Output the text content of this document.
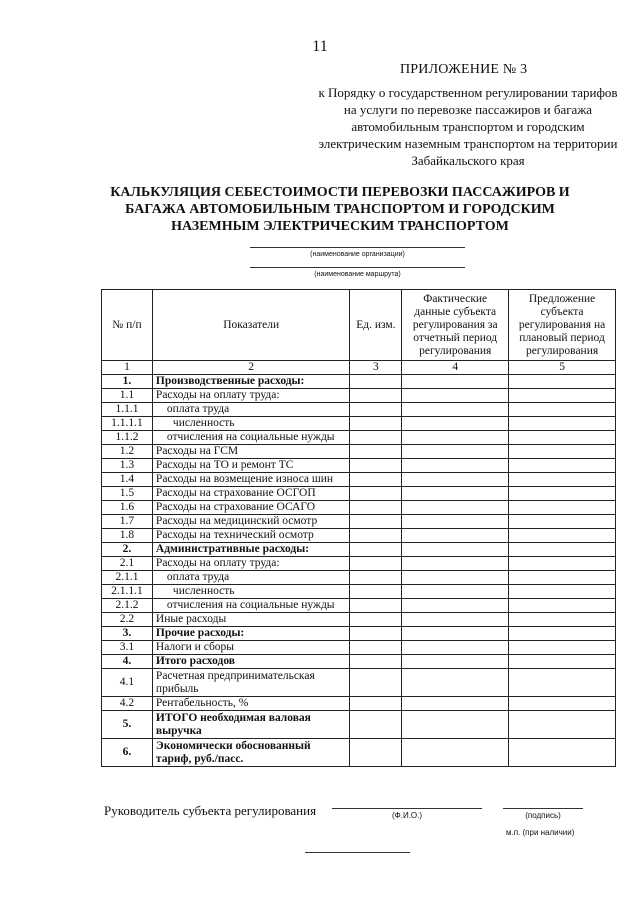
11
ПРИЛОЖЕНИЕ № 3
к Порядку о государственном регулировании тарифов на услуги по перевозке пассажиров и багажа автомобильным транспортом и городским электрическим наземным транспортом на территории Забайкальского края
КАЛЬКУЛЯЦИЯ СЕБЕСТОИМОСТИ ПЕРЕВОЗКИ ПАССАЖИРОВ И БАГАЖА АВТОМОБИЛЬНЫМ ТРАНСПОРТОМ И ГОРОДСКИМ НАЗЕМНЫМ ЭЛЕКТРИЧЕСКИМ ТРАНСПОРТОМ
(наименование организации)
(наименование маршрута)
№ п/п	Показатели	Ед. изм.	Фактические данные субъекта регулирования за отчетный период регулирования	Предложение субъекта регулирования на плановый период регулирования
1	2	3	4	5
1.	Производственные расходы:			
1.1	Расходы на оплату труда:			
1.1.1	оплата труда			
1.1.1.1	численность			
1.1.2	отчисления на социальные нужды			
1.2	Расходы на ГСМ			
1.3	Расходы на ТО и ремонт ТС			
1.4	Расходы на возмещение износа шин			
1.5	Расходы на страхование ОСГОП			
1.6	Расходы на страхование ОСАГО			
1.7	Расходы на медицинский осмотр			
1.8	Расходы на технический осмотр			
2.	Административные расходы:			
2.1	Расходы на оплату труда:			
2.1.1	оплата труда			
2.1.1.1	численность			
2.1.2	отчисления на социальные нужды			
2.2	Иные расходы			
3.	Прочие расходы:			
3.1	Налоги и сборы			
4.	Итого расходов			
4.1	Расчетная предпринимательская прибыль			
4.2	Рентабельность, %			
5.	ИТОГО необходимая валовая выручка			
6.	Экономически обоснованный тариф, руб./пасс.			
Руководитель субъекта регулирования	(Ф.И.О.)	(подпись)
м.п. (при наличии)
